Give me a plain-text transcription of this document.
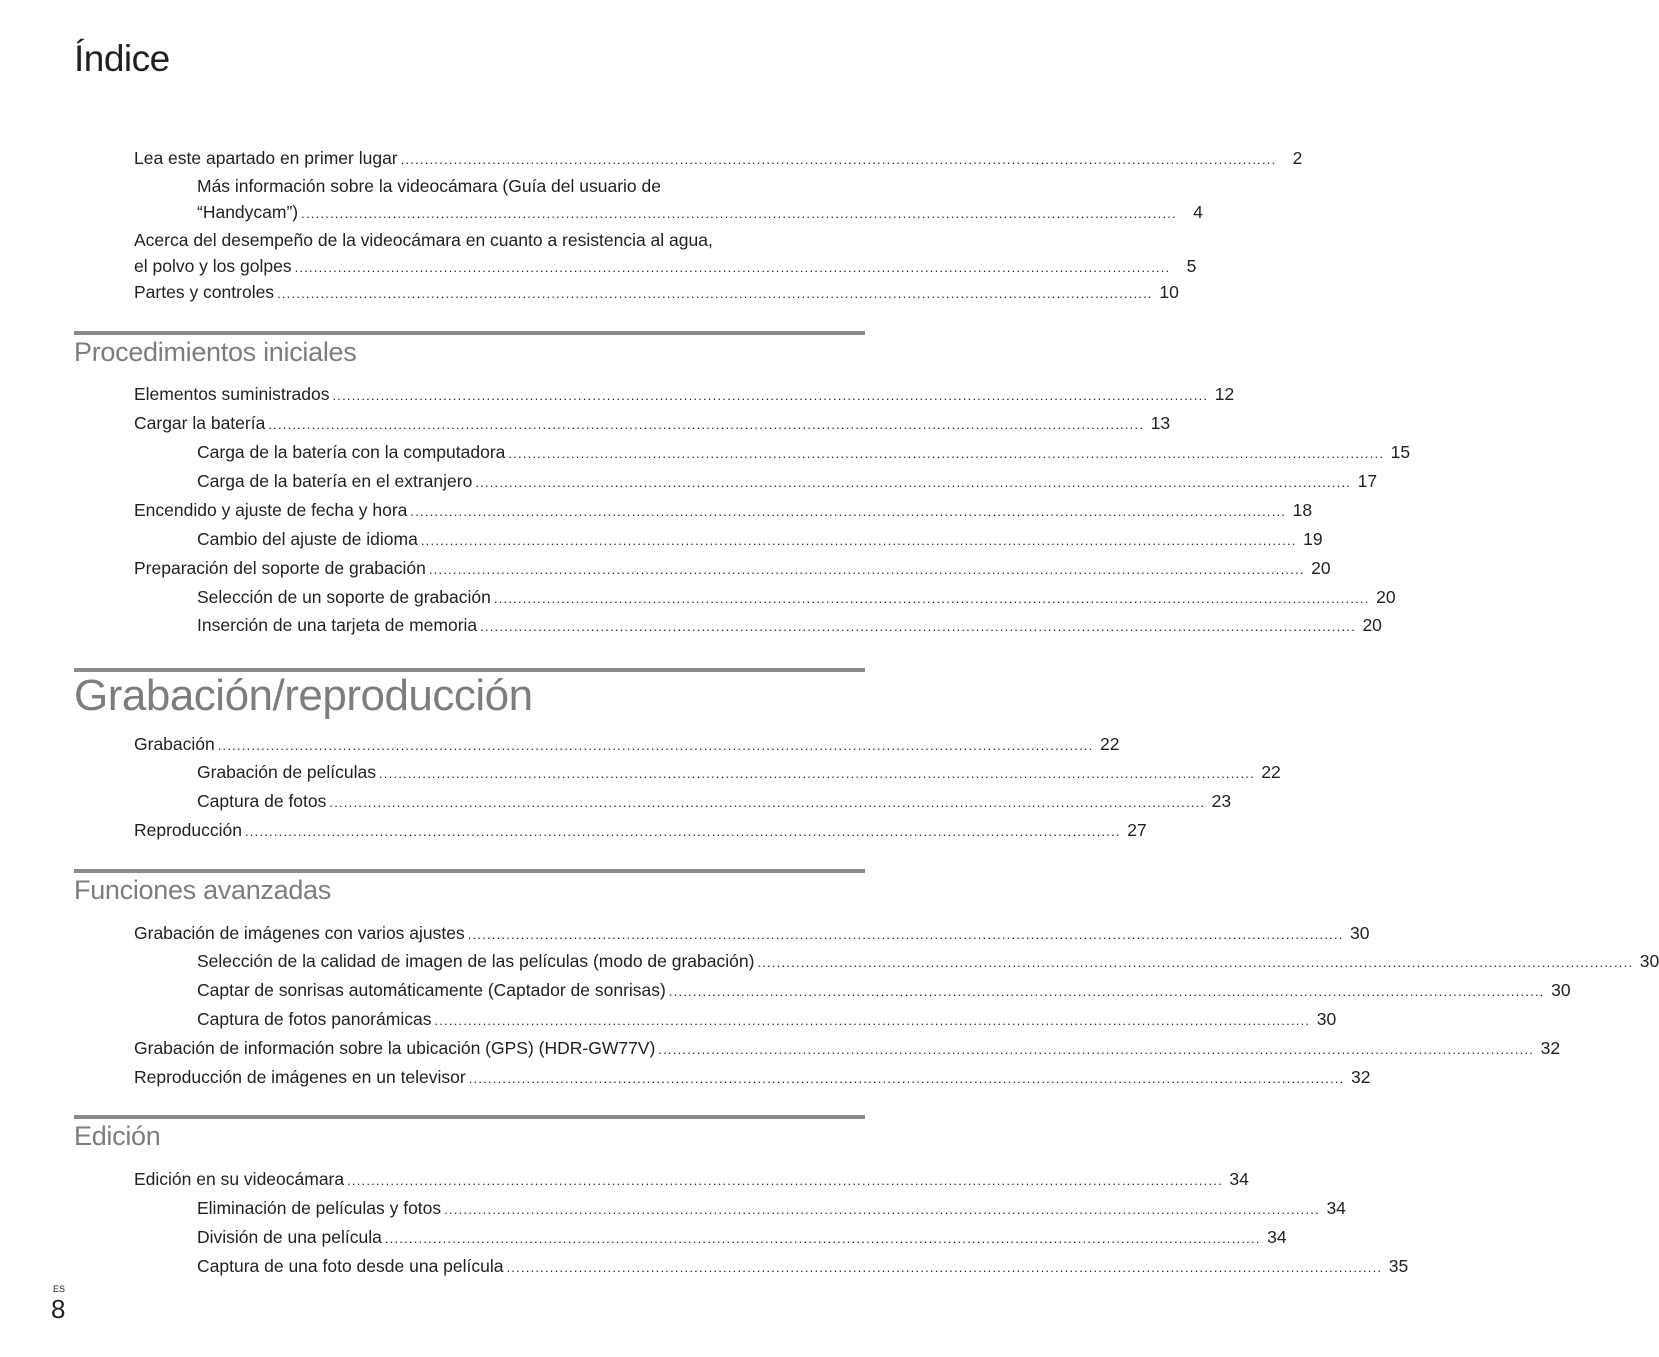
Índice
Lea este apartado en primer lugar ...................................................................................................................................................................................... 2
Más información sobre la videocámara (Guía del usuario de
“Handycam”) ...................................................................................................................................................................................... 4
Acerca del desempeño de la videocámara en cuanto a resistencia al agua,
el polvo y los golpes ...................................................................................................................................................................................... 5
Partes y controles ...................................................................................................................................................................................... 10
Procedimientos iniciales
Elementos suministrados ...................................................................................................................................................................................... 12
Cargar la batería ...................................................................................................................................................................................... 13
Carga de la batería con la computadora ...................................................................................................................................................................................... 15
Carga de la batería en el extranjero ...................................................................................................................................................................................... 17
Encendido y ajuste de fecha y hora ...................................................................................................................................................................................... 18
Cambio del ajuste de idioma ...................................................................................................................................................................................... 19
Preparación del soporte de grabación ...................................................................................................................................................................................... 20
Selección de un soporte de grabación ...................................................................................................................................................................................... 20
Inserción de una tarjeta de memoria ...................................................................................................................................................................................... 20
Grabación/reproducción
Grabación ...................................................................................................................................................................................... 22
Grabación de películas ...................................................................................................................................................................................... 22
Captura de fotos ...................................................................................................................................................................................... 23
Reproducción ...................................................................................................................................................................................... 27
Funciones avanzadas
Grabación de imágenes con varios ajustes ...................................................................................................................................................................................... 30
Selección de la calidad de imagen de las películas (modo de grabación) ...................................................................................................................................................................................... 30
Captar de sonrisas automáticamente (Captador de sonrisas) ...................................................................................................................................................................................... 30
Captura de fotos panorámicas ...................................................................................................................................................................................... 30
Grabación de información sobre la ubicación (GPS) (HDR-GW77V) ...................................................................................................................................................................................... 32
Reproducción de imágenes en un televisor ...................................................................................................................................................................................... 32
Edición
Edición en su videocámara ...................................................................................................................................................................................... 34
Eliminación de películas y fotos ...................................................................................................................................................................................... 34
División de una película ...................................................................................................................................................................................... 34
Captura de una foto desde una película ...................................................................................................................................................................................... 35
ES
8
